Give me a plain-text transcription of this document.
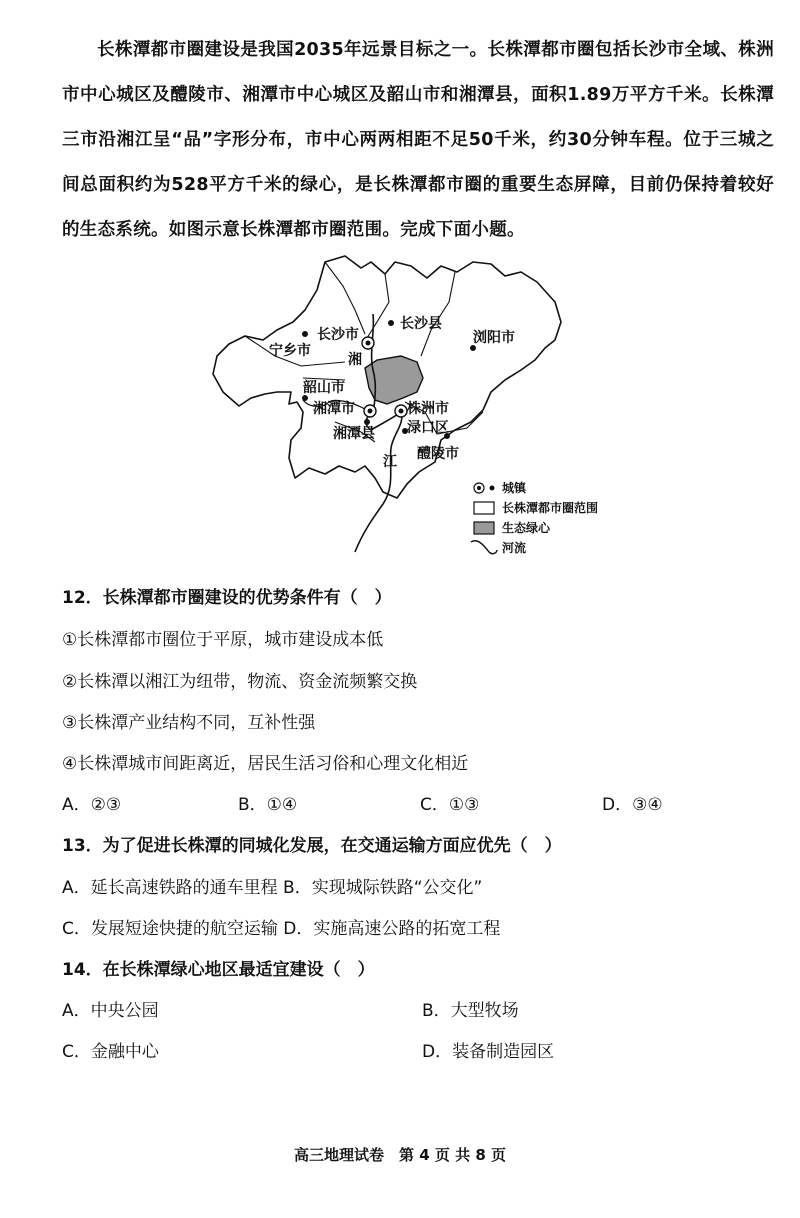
长株潭都市圈建设是我国2035年远景目标之一。长株潭都市圈包括长沙市全域、株洲市中心城区及醴陵市、湘潭市中心城区及韶山市和湘潭县，面积1.89万平方千米。长株潭三市沿湘江呈“品”字形分布，市中心两两相距不足50千米，约30分钟车程。位于三城之间总面积约为528平方千米的绿心，是长株潭都市圈的重要生态屏障，目前仍保持着较好的生态系统。如图示意长株潭都市圈范围。完成下面小题。

长沙市
长沙县
浏阳市
宁乡市
韶山市
湘潭市	株洲市
渌口区
湘潭县
醴陵市
湘
江
城镇
长株潭都市圈范围
生态绿心
河流

12．长株潭都市圈建设的优势条件有（　）

①长株潭都市圈位于平原，城市建设成本低

②长株潭以湘江为纽带，物流、资金流频繁交换

③长株潭产业结构不同，互补性强

④长株潭城市间距离近，居民生活习俗和心理文化相近

A．②③	B．①④	C．①③	D．③④

13．为了促进长株潭的同城化发展，在交通运输方面应优先（　）

A．延长高速铁路的通车里程 B．实现城际铁路“公交化”

C．发展短途快捷的航空运输 D．实施高速公路的拓宽工程

14．在长株潭绿心地区最适宜建设（　）

A．中央公园	B．大型牧场

C．金融中心	D．装备制造园区

高三地理试卷　第 4 页 共 8 页
